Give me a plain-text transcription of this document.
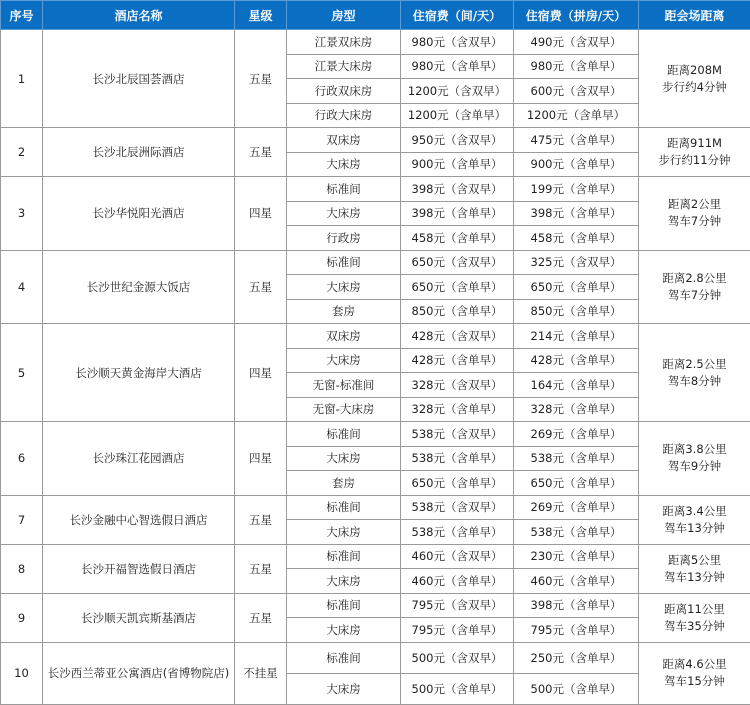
序号	酒店名称	星级	房型	住宿费（间/天）	住宿费（拼房/天）	距会场距离
1	长沙北辰国荟酒店	五星	江景双床房	980元（含双早）	490元（含双早）	距离208M
步行约4分钟

			江景大床房	980元（含单早）	980元（含单早）	
			行政双床房	1200元（含双早）	600元（含双早）	
			行政大床房	1200元（含单早）	1200元（含单早）	
2	长沙北辰洲际酒店	五星	双床房	950元（含双早）	475元（含单早）	距离911M
步行约11分钟

			大床房	900元（含单早）	900元（含单早）	
3	长沙华悦阳光酒店	四星	标准间	398元（含双早）	199元（含单早）	距离2公里
驾车7分钟

			大床房	398元（含单早）	398元（含单早）	
			行政房	458元（含单早）	458元（含单早）	
4	长沙世纪金源大饭店	五星	标准间	650元（含双早）	325元（含双早）	距离2.8公里
驾车7分钟

			大床房	650元（含单早）	650元（含单早）	
			套房	850元（含单早）	850元（含单早）	
5	长沙顺天黄金海岸大酒店	四星	双床房	428元（含双早）	214元（含单早）	距离2.5公里
驾车8分钟

			大床房	428元（含单早）	428元（含单早）	
			无窗-标准间	328元（含双早）	164元（含单早）	
			无窗-大床房	328元（含单早）	328元（含单早）	
6	长沙珠江花园酒店	四星	标准间	538元（含双早）	269元（含单早）	距离3.8公里
驾车9分钟

			大床房	538元（含单早）	538元（含单早）	
			套房	650元（含单早）	650元（含单早）	
7	长沙金融中心智选假日酒店	五星	标准间	538元（含双早）	269元（含单早）	距离3.4公里
驾车13分钟

			大床房	538元（含单早）	538元（含单早）	
8	长沙开福智选假日酒店	五星	标准间	460元（含双早）	230元（含单早）	距离5公里
驾车13分钟

			大床房	460元（含单早）	460元（含单早）	
9	长沙顺天凯宾斯基酒店	五星	标准间	795元（含双早）	398元（含单早）	距离11公里
驾车35分钟

			大床房	795元（含单早）	795元（含单早）	
10	长沙西兰蒂亚公寓酒店(省博物院店)	不挂星	标准间	500元（含双早）	250元（含单早）	距离4.6公里
驾车15分钟

			大床房	500元（含单早）	500元（含单早）	
